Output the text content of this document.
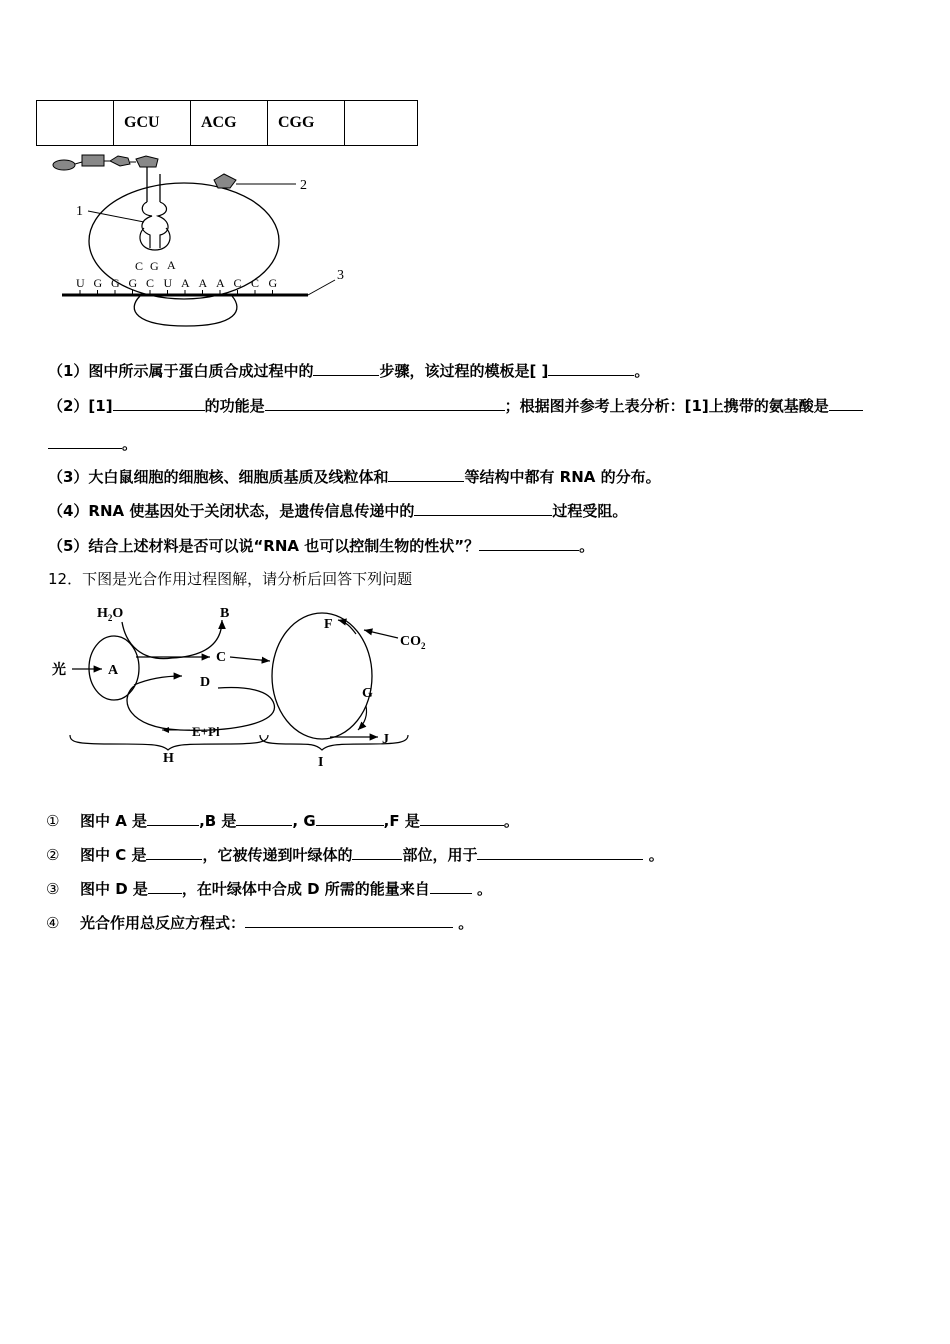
	GCU	ACG	CGG	
1
2
C G A
3
U G G G C U A A A C C G
（1）图中所示属于蛋白质合成过程中的	步骤，该过程的模板是[ ]	。
（2）[1]	的功能是	；根据图并参考上表分析：[1]上携带的氨基酸是
。
（3）大白鼠细胞的细胞核、细胞质基质及线粒体和	等结构中都有 RNA 的分布。
（4）RNA 使基因处于关闭状态，是遗传信息传递中的	过程受阻。
（5）结合上述材料是否可以说“RNA 也可以控制生物的性状”？	。
12．下图是光合作用过程图解，请分析后回答下列问题
$H_2O$	B
光	A
C
D
E+Pi
H
F
$CO_2$
G
J
I
① 图中 A 是	,B 是	, G	,F 是	。
② 图中 C 是	，它被传递到叶绿体的	部位，用于	。
③ 图中 D 是 ，在叶绿体中合成 D 所需的能量来自	。
④ 光合作用总反应方程式：	。
